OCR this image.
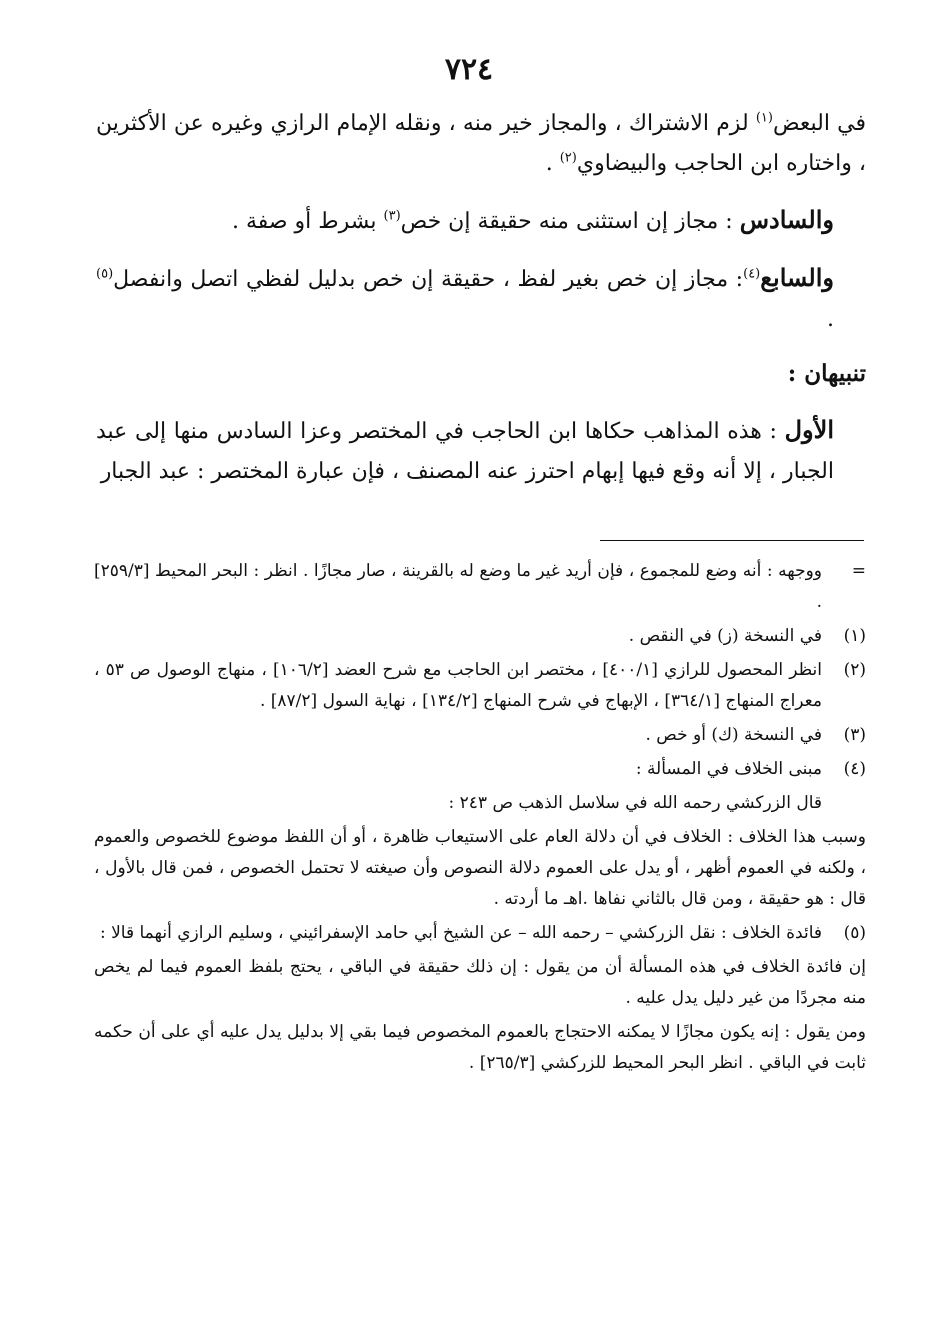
٧٢٤

في البعض$^{(١)}$ لزم الاشتراك ، والمجاز خير منه ، ونقله الإمام الرازي وغيره عن الأكثرين ، واختاره ابن الحاجب والبيضاوي$^{(٢)}$ .

والسادس : مجاز إن استثنى منه حقيقة إن خص$^{(٣)}$ بشرط أو صفة .

والسابع$^{(٤)}$: مجاز إن خص بغير لفظ ، حقيقة إن خص بدليل لفظي اتصل وانفصل$^{(٥)}$ .

تنبيهان :

الأول : هذه المذاهب حكاها ابن الحاجب في المختصر وعزا السادس منها إلى عبد الجبار ، إلا أنه وقع فيها إبهام احترز عنه المصنف ، فإن عبارة المختصر : عبد الجبار

=
ووجهه : أنه وضع للمجموع ، فإن أريد غير ما وضع له بالقرينة ، صار مجازًا . انظر : البحر المحيط [٢٥٩/٣] .
(١)
في النسخة (ز) في النقص .
(٢)
انظر المحصول للرازي [٤٠٠/١] ، مختصر ابن الحاجب مع شرح العضد [١٠٦/٢] ، منهاج الوصول ص ٥٣ ، معراج المنهاج [٣٦٤/١] ، الإبهاج في شرح المنهاج [١٣٤/٢] ، نهاية السول [٨٧/٢] .
(٣)
في النسخة (ك) أو خص .
(٤)
مبنى الخلاف في المسألة :
قال الزركشي رحمه الله في سلاسل الذهب ص ٢٤٣ :
وسبب هذا الخلاف : الخلاف في أن دلالة العام على الاستيعاب ظاهرة ، أو أن اللفظ موضوع للخصوص والعموم ، ولكنه في العموم أظهر ، أو يدل على العموم دلالة النصوص وأن صيغته لا تحتمل الخصوص ، فمن قال بالأول ، قال : هو حقيقة ، ومن قال بالثاني نفاها .اهـ ما أردته .
(٥)
فائدة الخلاف : نقل الزركشي – رحمه الله – عن الشيخ أبي حامد الإسفرائيني ، وسليم الرازي أنهما قالا :
إن فائدة الخلاف في هذه المسألة أن من يقول : إن ذلك حقيقة في الباقي ، يحتج بلفظ العموم فيما لم يخص منه مجردًا من غير دليل يدل عليه .
ومن يقول : إنه يكون مجازًا لا يمكنه الاحتجاج بالعموم المخصوص فيما بقي إلا بدليل يدل عليه أي على أن حكمه ثابت في الباقي . انظر البحر المحيط للزركشي [٢٦٥/٣] .
